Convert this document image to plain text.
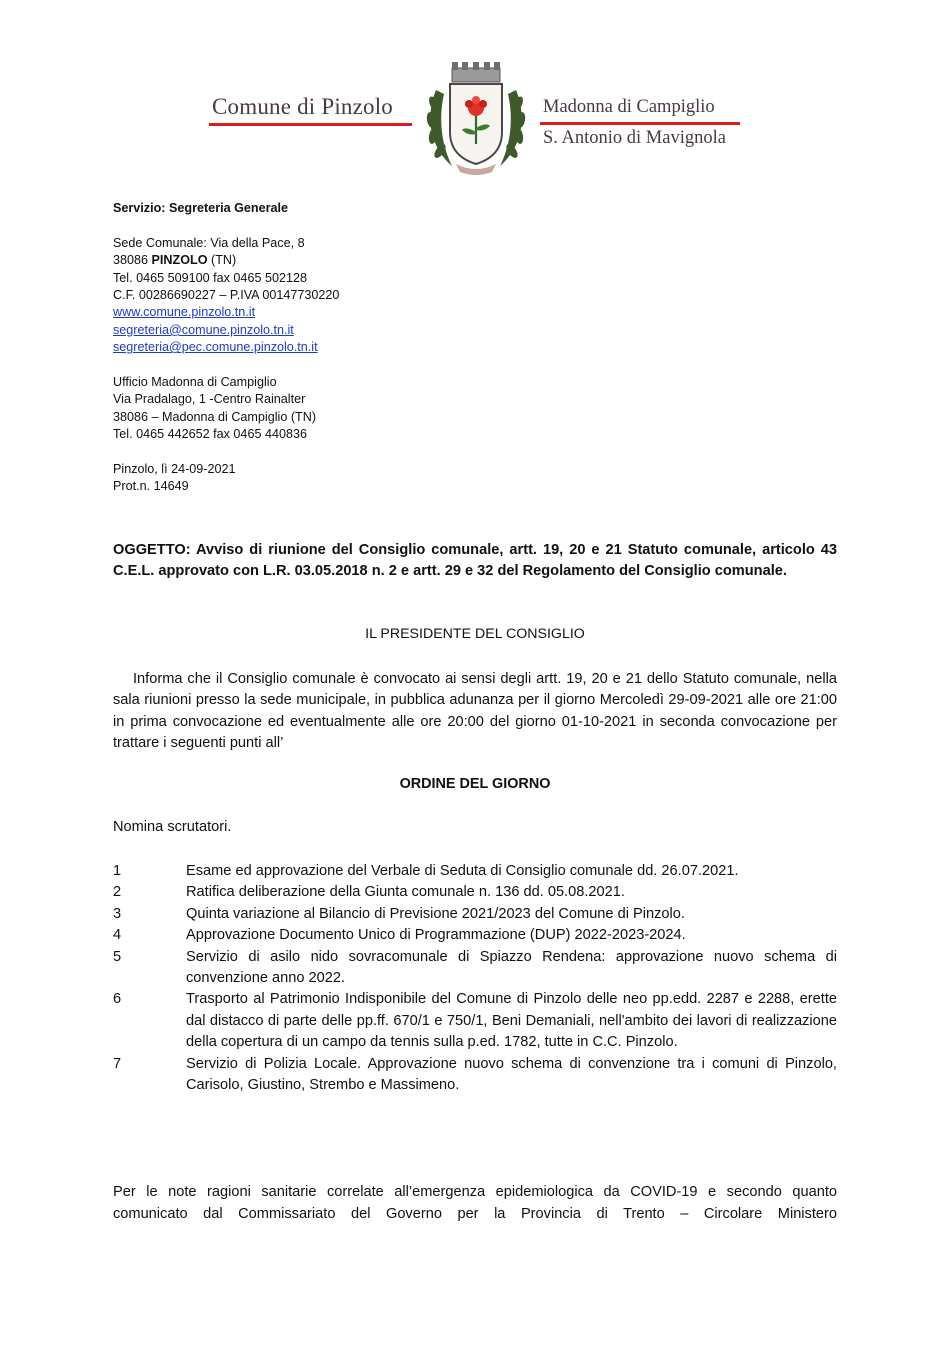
Comune di Pinzolo	Madonna di Campiglio
S. Antonio di Mavignola
Servizio: Segreteria Generale
Sede Comunale: Via della Pace, 8
38086 PINZOLO (TN)
Tel. 0465 509100 fax 0465 502128
C.F. 00286690227 – P.IVA 00147730220
www.comune.pinzolo.tn.it
segreteria@comune.pinzolo.tn.it
segreteria@pec.comune.pinzolo.tn.it
Ufficio Madonna di Campiglio
Via Pradalago, 1 -Centro Rainalter
38086 – Madonna di Campiglio (TN)
Tel. 0465 442652 fax 0465 440836
Pinzolo, lì 24-09-2021
Prot.n. 14649
OGGETTO: Avviso di riunione del Consiglio comunale, artt. 19, 20 e 21 Statuto comunale, articolo 43 C.E.L. approvato con L.R. 03.05.2018 n. 2 e artt. 29 e 32 del Regolamento del Consiglio comunale.
IL PRESIDENTE DEL CONSIGLIO
Informa che il Consiglio comunale è convocato ai sensi degli artt. 19, 20 e 21 dello Statuto comunale, nella sala riunioni presso la sede municipale, in pubblica adunanza per il giorno Mercoledì 29-09-2021 alle ore 21:00 in prima convocazione ed eventualmente alle ore 20:00 del giorno 01-10-2021 in seconda convocazione per trattare i seguenti punti all’
ORDINE DEL GIORNO
Nomina scrutatori.
1	Esame ed approvazione del Verbale di Seduta di Consiglio comunale dd. 26.07.2021.
2	Ratifica deliberazione della Giunta comunale n. 136 dd. 05.08.2021.
3	Quinta variazione al Bilancio di Previsione 2021/2023 del Comune di Pinzolo.
4	Approvazione Documento Unico di Programmazione (DUP) 2022-2023-2024.
5	Servizio di asilo nido sovracomunale di Spiazzo Rendena: approvazione nuovo schema di convenzione anno 2022.
6	Trasporto al Patrimonio Indisponibile del Comune di Pinzolo delle neo pp.edd. 2287 e 2288, erette dal distacco di parte delle pp.ff. 670/1 e 750/1, Beni Demaniali, nell'ambito dei lavori di realizzazione della copertura di un campo da tennis sulla p.ed. 1782, tutte in C.C. Pinzolo.
7	Servizio di Polizia Locale. Approvazione nuovo schema di convenzione tra i comuni di Pinzolo, Carisolo, Giustino, Strembo e Massimeno.
Per le note ragioni sanitarie correlate all’emergenza epidemiologica da COVID-19 e secondo quanto comunicato dal Commissariato del Governo per la Provincia di Trento – Circolare Ministero
